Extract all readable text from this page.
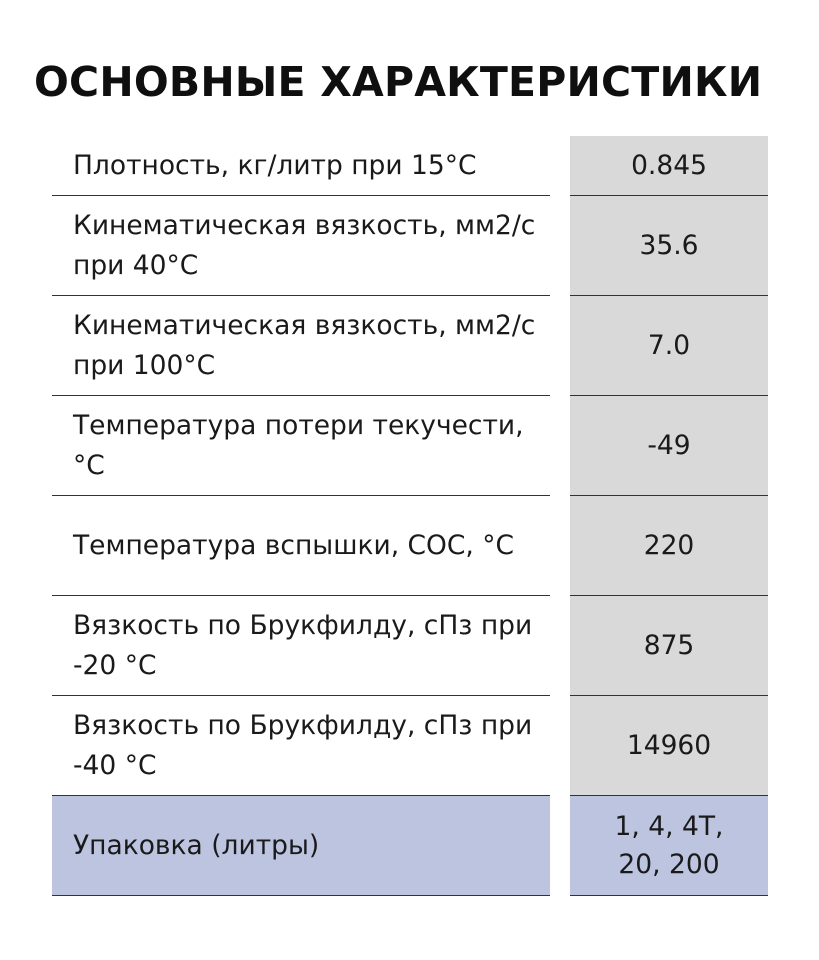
ОСНОВНЫЕ ХАРАКТЕРИСТИКИ
Плотность, кг/литр при 15°С	0.845
Кинематическая вязкость, мм2/с при 40°С
35.6
Кинематическая вязкость, мм2/с при 100°С
7.0
Температура потери текучести,°С
-49
Температура вспышки, СОС, °С	220
Вязкость по Брукфилду, сПз при -20 °С
875
Вязкость по Брукфилду, сПз при -40 °С
14960
Упаковка (литры)
1, 4, 4Т, 20, 200
